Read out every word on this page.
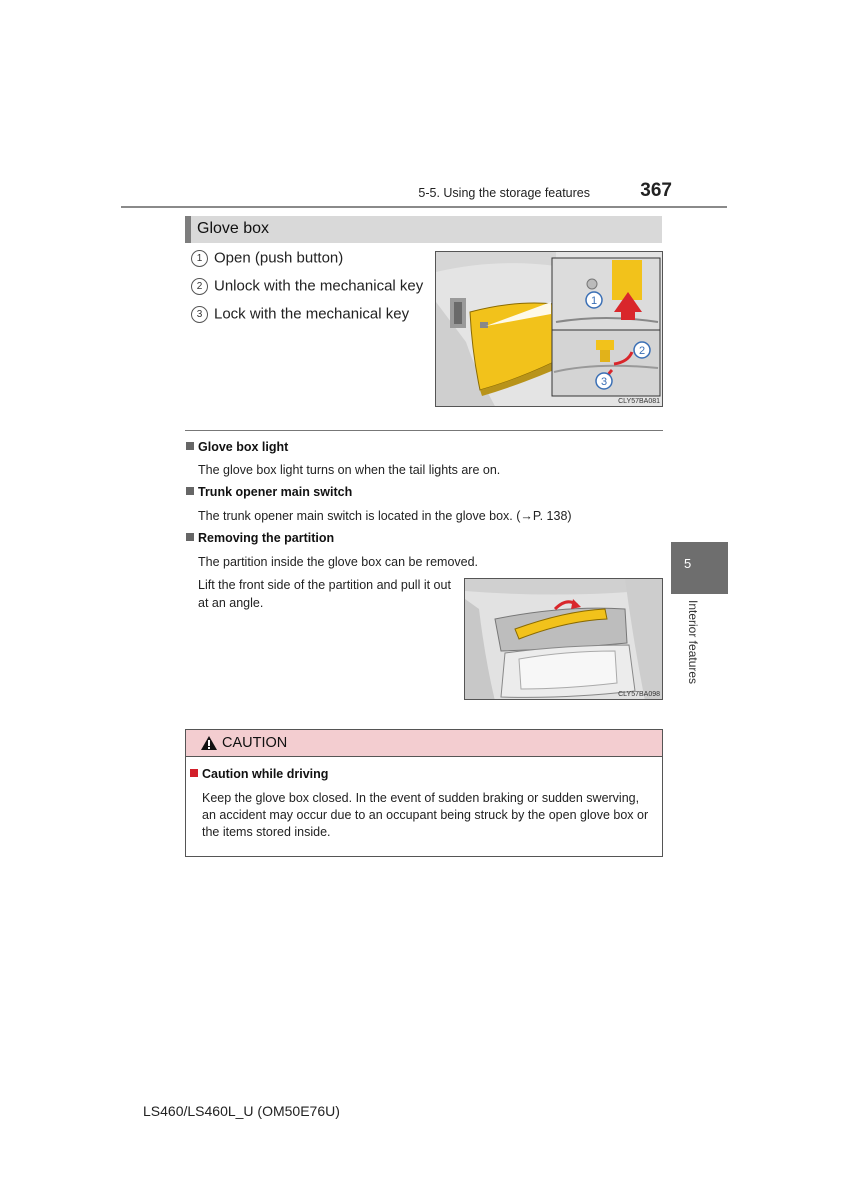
5-5. Using the storage features	367
Glove box
1 Open (push button)
2 Unlock with the mechanical key
3 Lock with the mechanical key
1
2
3
CLY57BA081
Glove box light
The glove box light turns on when the tail lights are on.
Trunk opener main switch
The trunk opener main switch is located in the glove box. (→P. 138)
Removing the partition
The partition inside the glove box can be removed.
Lift the front side of the partition and pull it out at an angle.
CLY57BA098
5
Interior features
CAUTION
Caution while driving
Keep the glove box closed. In the event of sudden braking or sudden swerving, an accident may occur due to an occupant being struck by the open glove box or the items stored inside.
LS460/LS460L_U (OM50E76U)
